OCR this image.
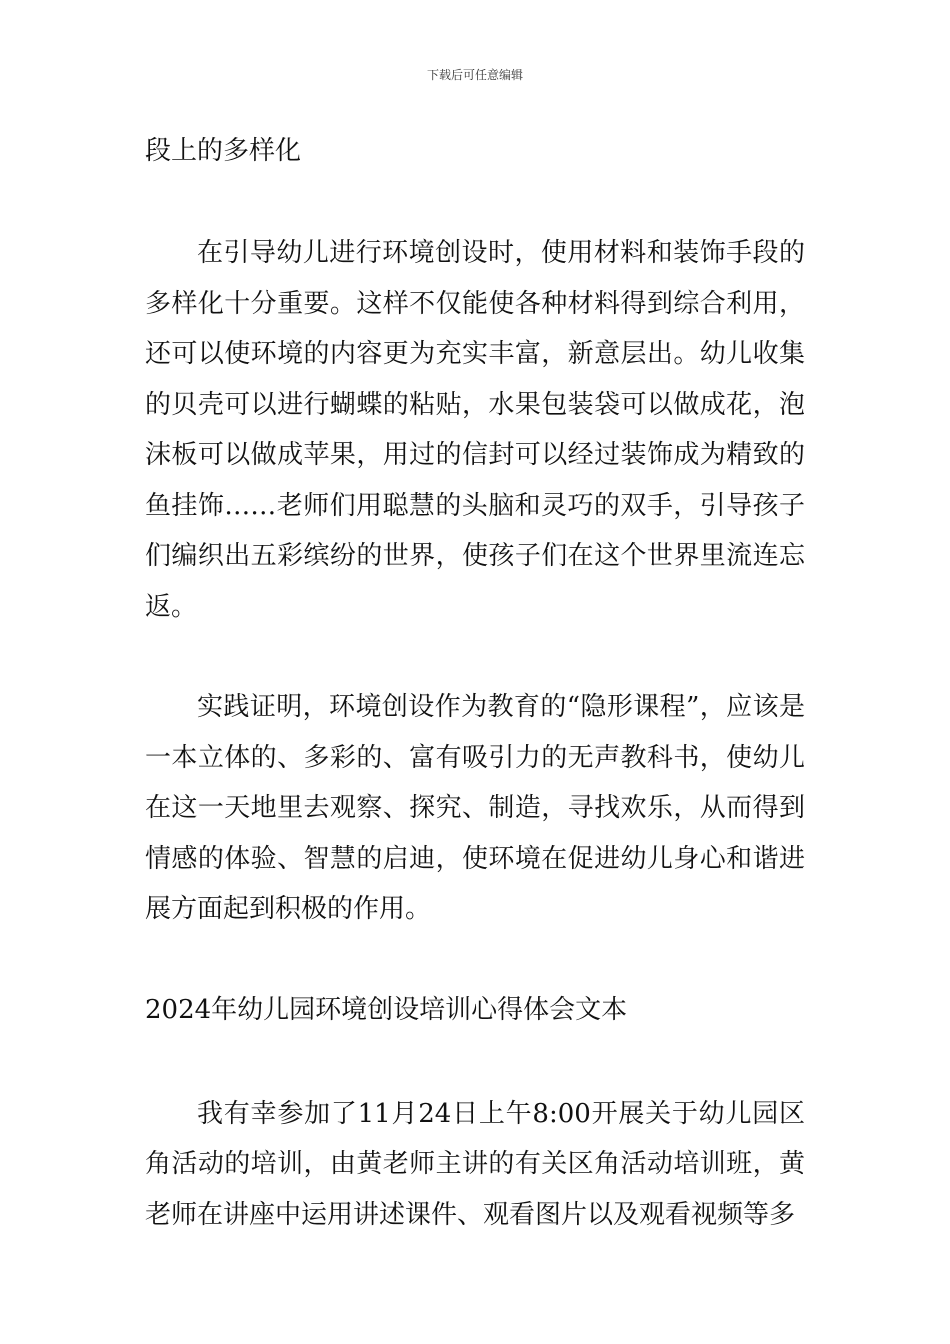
下载后可任意编辑

段上的多样化

在引导幼儿进行环境创设时，使用材料和装饰手段的多样化十分重要。这样不仅能使各种材料得到综合利用，还可以使环境的内容更为充实丰富，新意层出。幼儿收集的贝壳可以进行蝴蝶的粘贴，水果包装袋可以做成花，泡沫板可以做成苹果，用过的信封可以经过装饰成为精致的鱼挂饰……老师们用聪慧的头脑和灵巧的双手，引导孩子们编织出五彩缤纷的世界，使孩子们在这个世界里流连忘返。

实践证明，环境创设作为教育的“隐形课程”，应该是一本立体的、多彩的、富有吸引力的无声教科书，使幼儿在这一天地里去观察、探究、制造，寻找欢乐，从而得到情感的体验、智慧的启迪，使环境在促进幼儿身心和谐进展方面起到积极的作用。

2024年幼儿园环境创设培训心得体会文本

我有幸参加了11月24日上午8:00开展关于幼儿园区角活动的培训，由黄老师主讲的有关区角活动培训班，黄老师在讲座中运用讲述课件、观看图片以及观看视频等多
